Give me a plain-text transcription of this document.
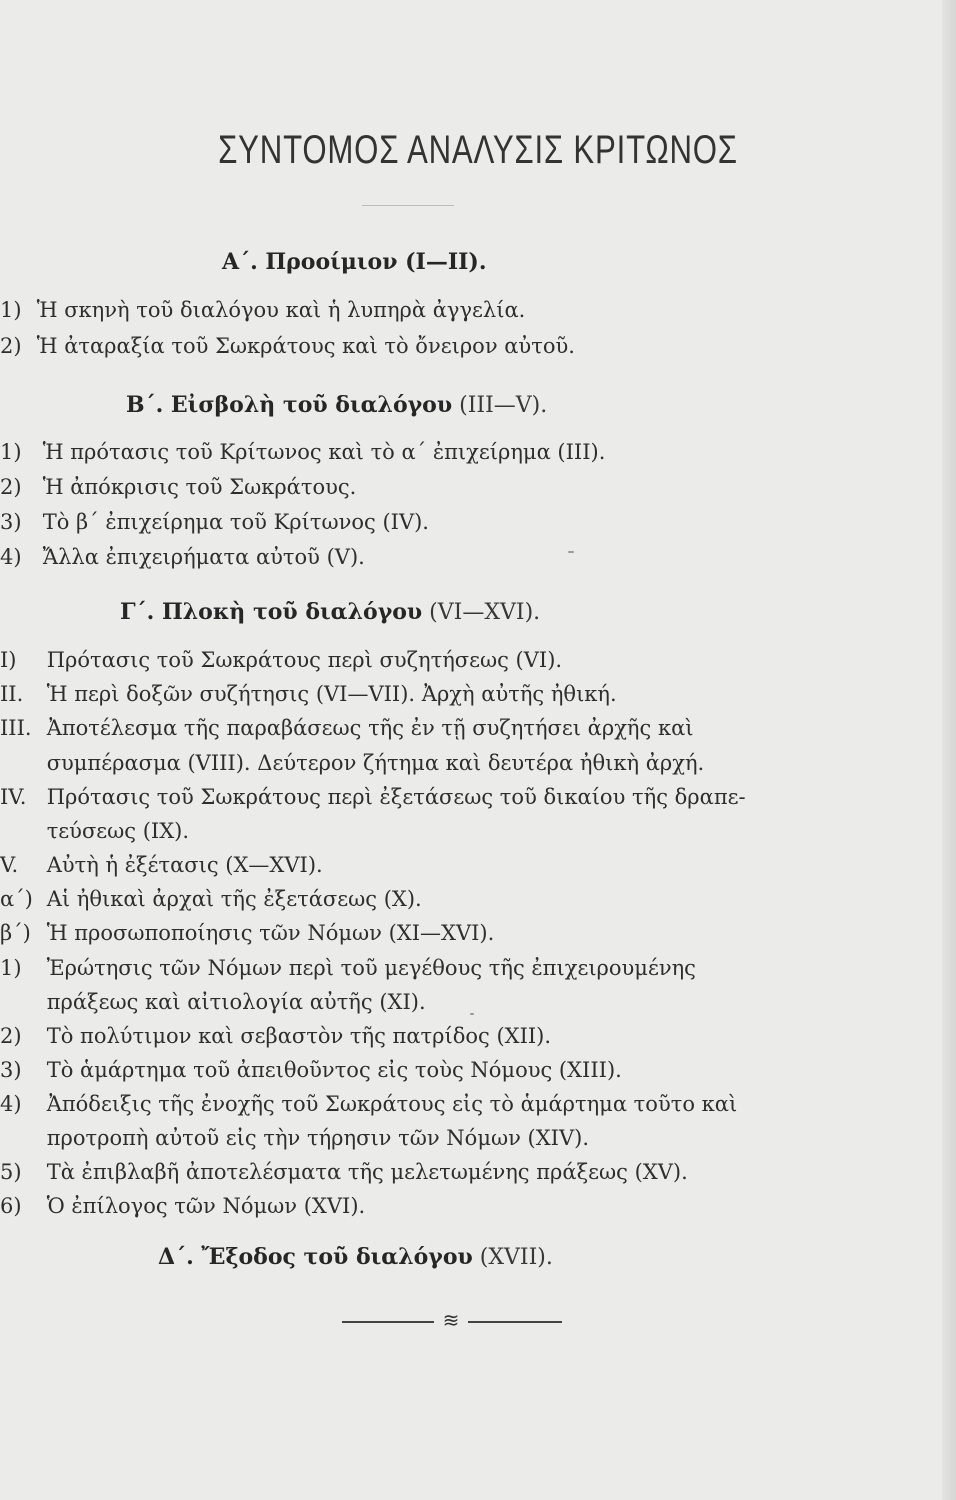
ΣΥΝΤΟΜΟΣ ΑΝΑΛΥΣΙΣ ΚΡΙΤΩΝΟΣ
Α΄. Προοίμιον (Ι—ΙΙ).
1) Ἡ σκηνὴ τοῦ διαλόγου καὶ ἡ λυπηρὰ ἀγγελία.
2) Ἡ ἀταραξία τοῦ Σωκράτους καὶ τὸ ὄνειρον αὐτοῦ.
Β΄. Εἰσβολὴ τοῦ διαλόγου (ΙΙΙ—V).
1) Ἡ πρότασις τοῦ Κρίτωνος καὶ τὸ α΄ ἐπιχείρημα (ΙΙΙ).
2) Ἡ ἀπόκρισις τοῦ Σωκράτους.
3) Τὸ β΄ ἐπιχείρημα τοῦ Κρίτωνος (IV).
4) Ἄλλα ἐπιχειρήματα αὐτοῦ (V).
Γ΄. Πλοκὴ τοῦ διαλόγου (VI—XVI).
I) Πρότασις τοῦ Σωκράτους περὶ συζητήσεως (VI).
II. Ἡ περὶ δοξῶν συζήτησις (VI—VII). Ἀρχὴ αὐτῆς ἠθική.
III. Ἀποτέλεσμα τῆς παραβάσεως τῆς ἐν τῇ συζητήσει ἀρχῆς καὶ
συμπέρασμα (VIII). Δεύτερον ζήτημα καὶ δευτέρα ἠθικὴ ἀρχή.
IV. Πρότασις τοῦ Σωκράτους περὶ ἐξετάσεως τοῦ δικαίου τῆς δραπε-
τεύσεως (IX).
V. Αὐτὴ ἡ ἐξέτασις (X—XVI).
α΄) Αἱ ἠθικαὶ ἀρχαὶ τῆς ἐξετάσεως (X).
β΄) Ἡ προσωποποίησις τῶν Νόμων (XI—XVI).
1) Ἐρώτησις τῶν Νόμων περὶ τοῦ μεγέθους τῆς ἐπιχειρουμένης
πράξεως καὶ αἰτιολογία αὐτῆς (XI).
2) Τὸ πολύτιμον καὶ σεβαστὸν τῆς πατρίδος (XII).
3) Τὸ ἁμάρτημα τοῦ ἀπειθοῦντος εἰς τοὺς Νόμους (XIII).
4) Ἀπόδειξις τῆς ἐνοχῆς τοῦ Σωκράτους εἰς τὸ ἁμάρτημα τοῦτο καὶ
προτροπὴ αὐτοῦ εἰς τὴν τήρησιν τῶν Νόμων (XIV).
5) Τὰ ἐπιβλαβῆ ἀποτελέσματα τῆς μελετωμένης πράξεως (XV).
6) Ὁ ἐπίλογος τῶν Νόμων (XVI).
Δ΄. Ἔξοδος τοῦ διαλόγου (XVII).
≋
